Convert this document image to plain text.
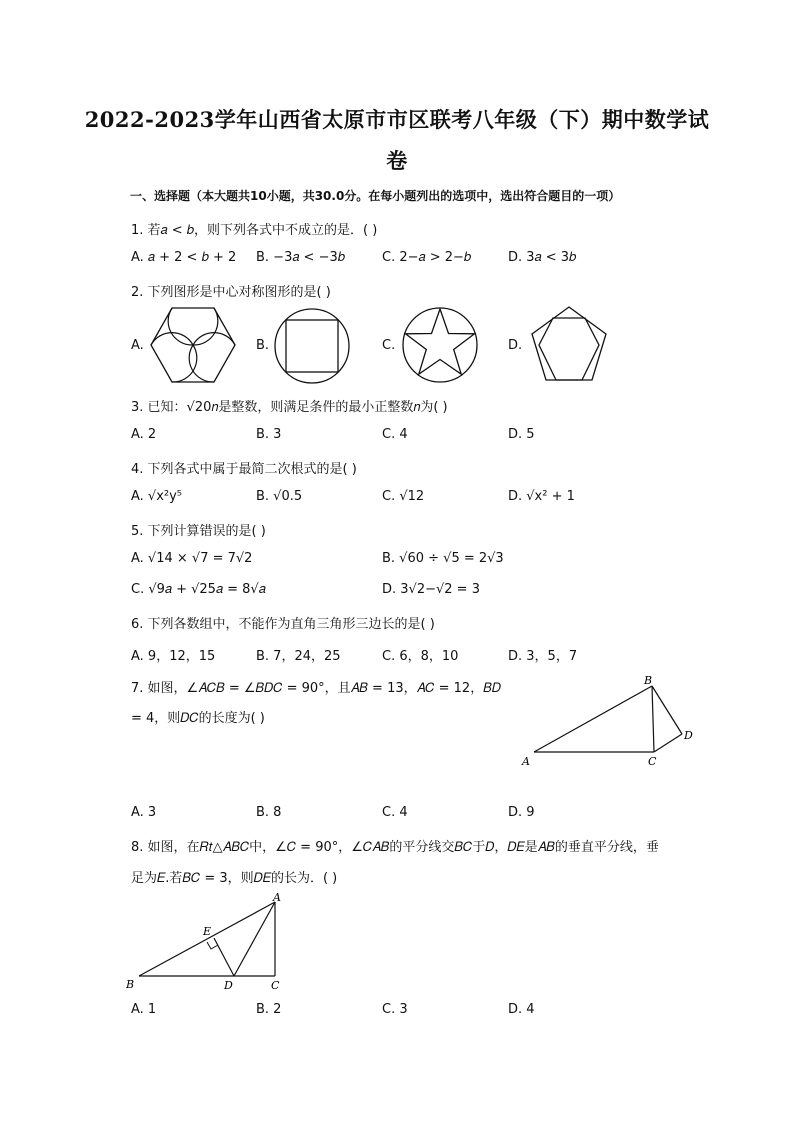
2022-2023学年山西省太原市市区联考八年级（下）期中数学试
卷
一、选择题（本大题共10小题，共30.0分。在每小题列出的选项中，选出符合题目的一项）
1. 若𝑎 < 𝑏，则下列各式中不成立的是．( )
A. 𝑎 + 2 < 𝑏 + 2 B. −3𝑎 < −3𝑏	C. 2−𝑎 > 2−𝑏	D. 3𝑎 < 3𝑏
2. 下列图形是中心对称图形的是( )
A.	B.	C.	D.
3. 已知：√20𝑛是整数，则满足条件的最小正整数𝑛为( )
A. 2	B. 3	C. 4	D. 5
4. 下列各式中属于最简二次根式的是( )
A. √x²y⁵	B. √0.5	C. √12	D. √x² + 1
5. 下列计算错误的是( )
A. √14 × √7 = 7√2	B. √60 ÷ √5 = 2√3
C. √9𝑎 + √25𝑎 = 8√𝑎	D. 3√2−√2 = 3
6. 下列各数组中，不能作为直角三角形三边长的是( )
A. 9，12，15	B. 7，24，25	C. 6，8，10	D. 3，5，7
7. 如图，∠𝐴𝐶𝐵 = ∠𝐵𝐷𝐶 = 90°，且𝐴𝐵 = 13，𝐴𝐶 = 12，𝐵𝐷
= 4，则𝐷𝐶的长度为( )
A
B
C
D
A. 3	B. 8	C. 4	D. 9
8. 如图，在𝑅𝑡△𝐴𝐵𝐶中，∠𝐶 = 90°，∠𝐶𝐴𝐵的平分线交𝐵𝐶于𝐷，𝐷𝐸是𝐴𝐵的垂直平分线，垂
足为𝐸.若𝐵𝐶 = 3，则𝐷𝐸的长为．( )
B	D	C
A
E
A. 1	B. 2	C. 3	D. 4
